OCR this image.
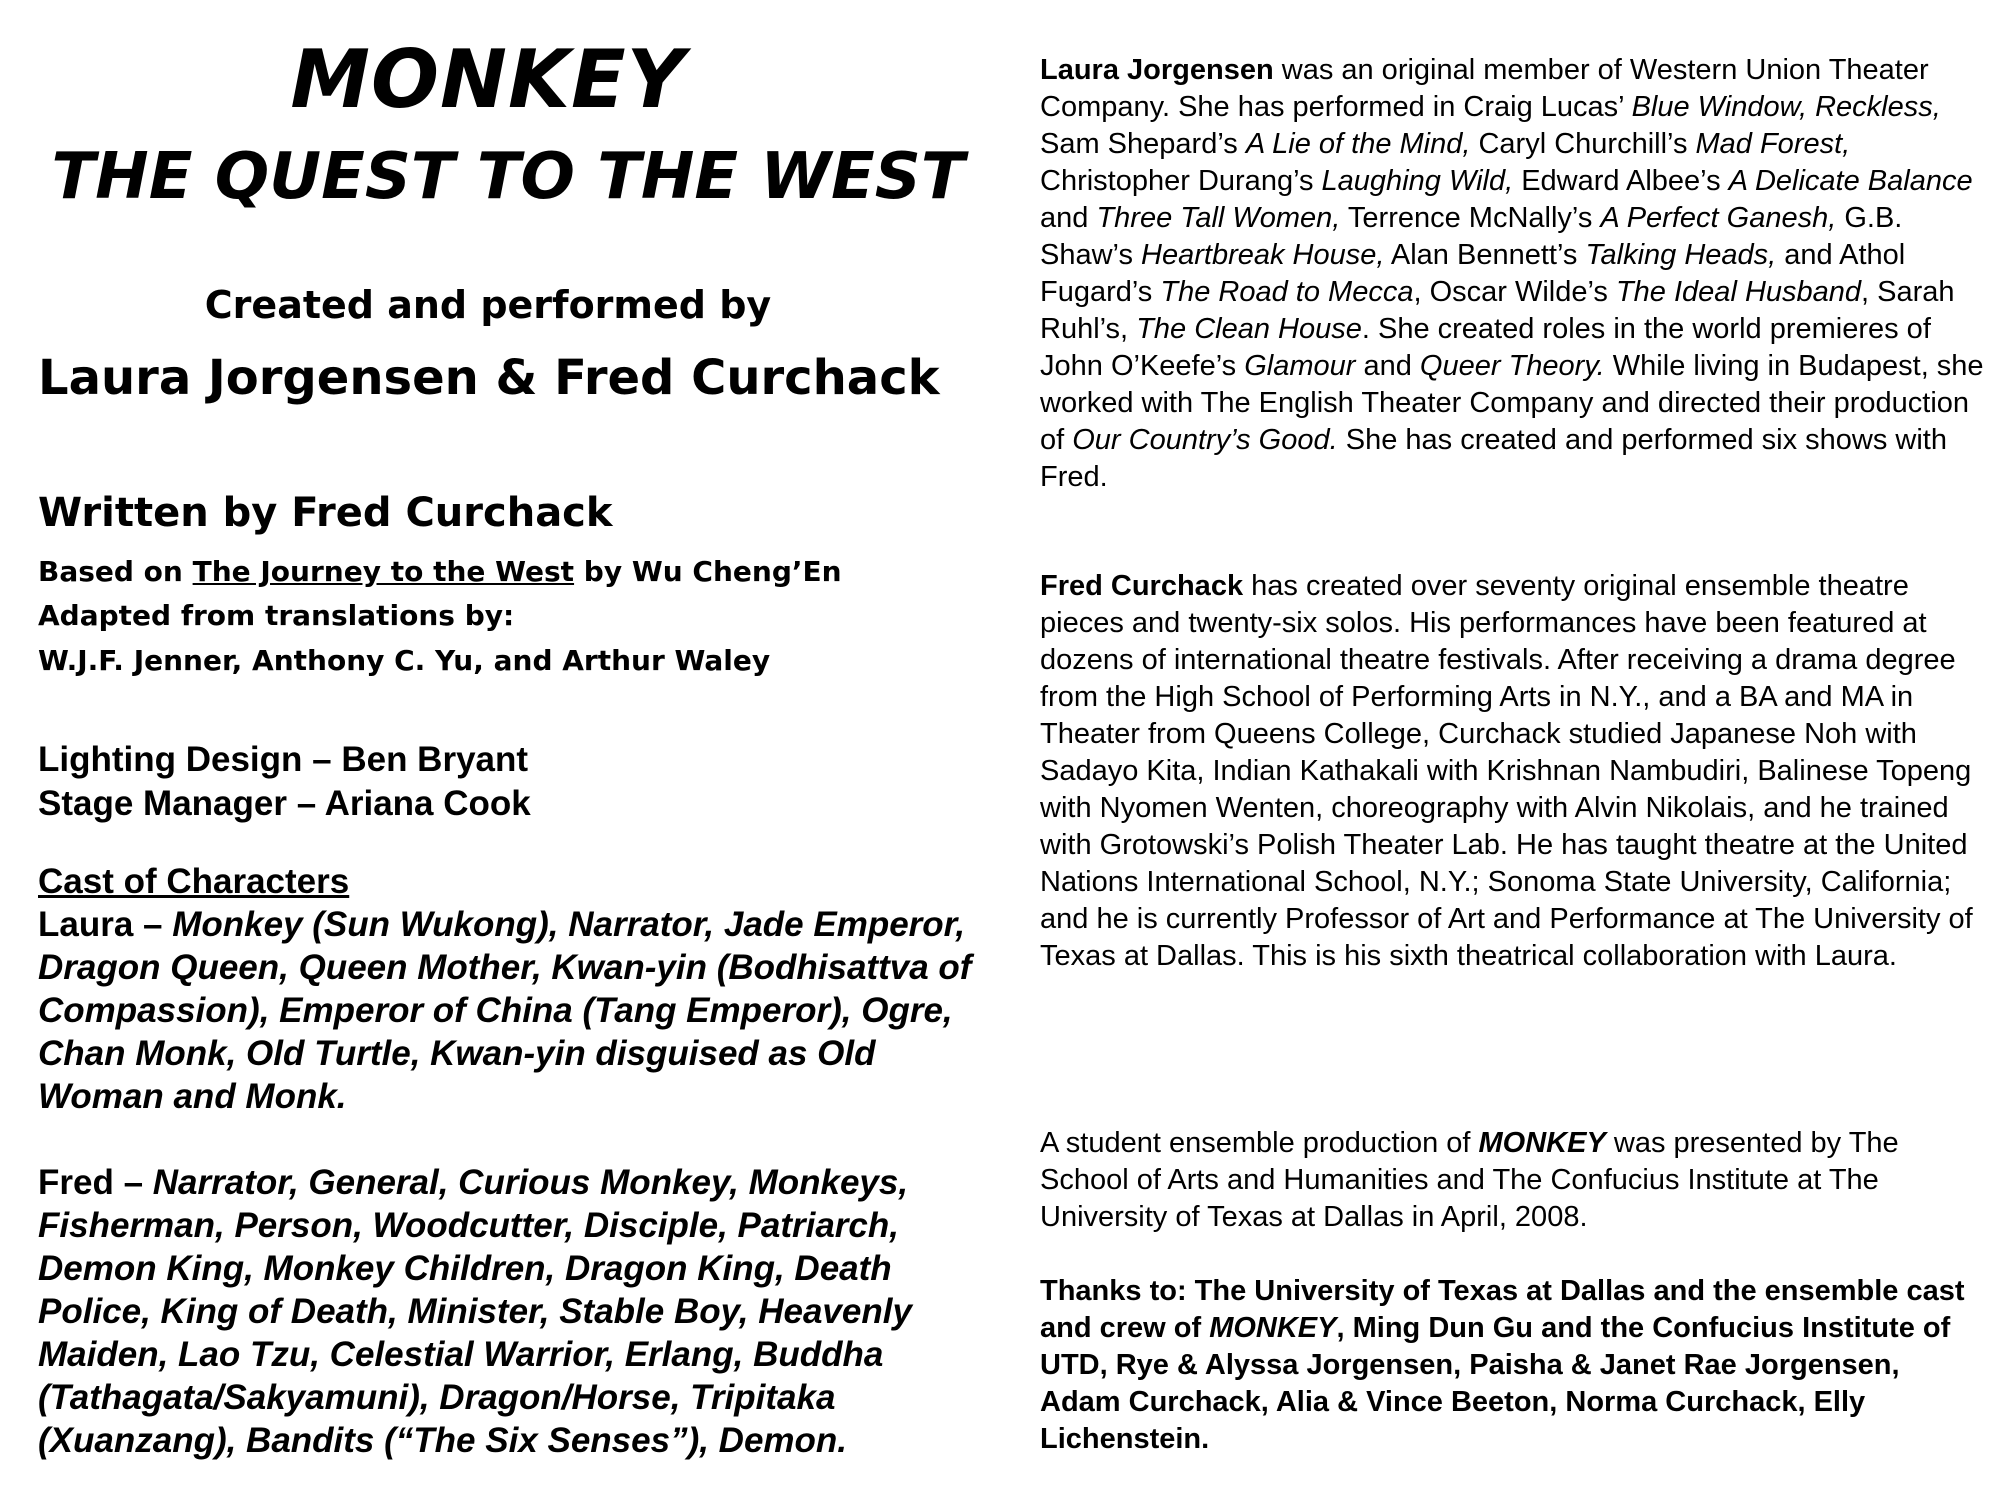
MONKEY
THE QUEST TO THE WEST
Created and performed by
Laura Jorgensen & Fred Curchack
Written by Fred Curchack
Based on The Journey to the West by Wu Cheng’En
Adapted from translations by:
W.J.F. Jenner, Anthony C. Yu, and Arthur Waley
Lighting Design – Ben Bryant
Stage Manager – Ariana Cook
Cast of Characters
Laura – Monkey (Sun Wukong), Narrator, Jade Emperor, Dragon Queen, Queen Mother, Kwan-yin (Bodhisattva of Compassion), Emperor of China (Tang Emperor), Ogre, Chan Monk, Old Turtle, Kwan-yin disguised as Old Woman and Monk.
Fred – Narrator, General, Curious Monkey, Monkeys, Fisherman, Person, Woodcutter, Disciple, Patriarch, Demon King, Monkey Children, Dragon King, Death Police, King of Death, Minister, Stable Boy, Heavenly Maiden, Lao Tzu, Celestial Warrior, Erlang, Buddha (Tathagata/Sakyamuni), Dragon/Horse, Tripitaka (Xuanzang), Bandits (“The Six Senses”), Demon.
Laura Jorgensen was an original member of Western Union Theater Company. She has performed in Craig Lucas’ Blue Window, Reckless, Sam Shepard’s A Lie of the Mind, Caryl Churchill’s Mad Forest, Christopher Durang’s Laughing Wild, Edward Albee’s A Delicate Balance and Three Tall Women, Terrence McNally’s A Perfect Ganesh, G.B. Shaw’s Heartbreak House, Alan Bennett’s Talking Heads, and Athol Fugard’s The Road to Mecca, Oscar Wilde’s The Ideal Husband, Sarah Ruhl’s, The Clean House. She created roles in the world premieres of John O’Keefe’s Glamour and Queer Theory. While living in Budapest, she worked with The English Theater Company and directed their production of Our Country’s Good. She has created and performed six shows with Fred.
Fred Curchack has created over seventy original ensemble theatre pieces and twenty-six solos. His performances have been featured at dozens of international theatre festivals. After receiving a drama degree from the High School of Performing Arts in N.Y., and a BA and MA in Theater from Queens College, Curchack studied Japanese Noh with Sadayo Kita, Indian Kathakali with Krishnan Nambudiri, Balinese Topeng with Nyomen Wenten, choreography with Alvin Nikolais, and he trained with Grotowski’s Polish Theater Lab. He has taught theatre at the United Nations International School, N.Y.; Sonoma State University, California; and he is currently Professor of Art and Performance at The University of Texas at Dallas. This is his sixth theatrical collaboration with Laura.
A student ensemble production of MONKEY was presented by The School of Arts and Humanities and The Confucius Institute at The University of Texas at Dallas in April, 2008.
Thanks to: The University of Texas at Dallas and the ensemble cast and crew of MONKEY, Ming Dun Gu and the Confucius Institute of UTD, Rye & Alyssa Jorgensen, Paisha & Janet Rae Jorgensen, Adam Curchack, Alia & Vince Beeton, Norma Curchack, Elly Lichenstein.
